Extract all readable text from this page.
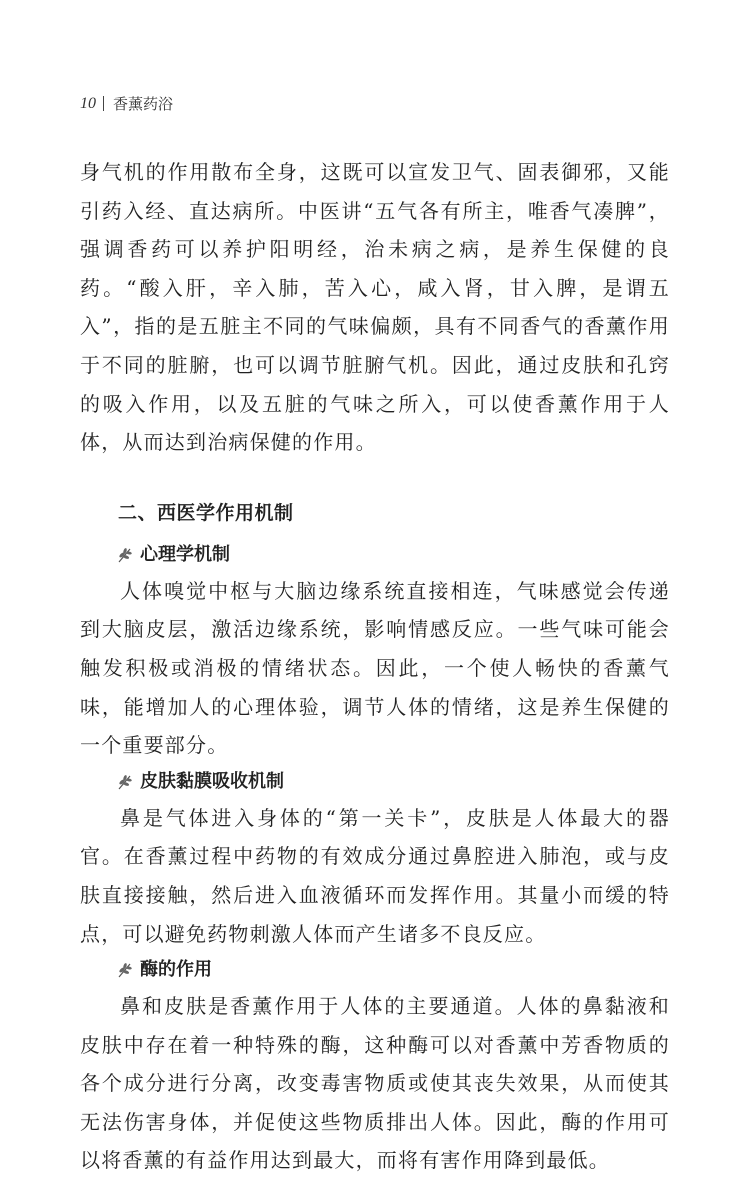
10 香薰药浴

身气机的作用散布全身，这既可以宣发卫气、固表御邪，又能引药入经、直达病所。中医讲“五气各有所主，唯香气凑脾”，强调香药可以养护阳明经，治未病之病，是养生保健的良药。“酸入肝，辛入肺，苦入心，咸入肾，甘入脾，是谓五入”，指的是五脏主不同的气味偏颇，具有不同香气的香薰作用于不同的脏腑，也可以调节脏腑气机。因此，通过皮肤和孔窍的吸入作用，以及五脏的气味之所入，可以使香薰作用于人体，从而达到治病保健的作用。

二、西医学作用机制
心理学机制

人体嗅觉中枢与大脑边缘系统直接相连，气味感觉会传递到大脑皮层，激活边缘系统，影响情感反应。一些气味可能会触发积极或消极的情绪状态。因此，一个使人畅快的香薰气味，能增加人的心理体验，调节人体的情绪，这是养生保健的一个重要部分。

皮肤黏膜吸收机制

鼻是气体进入身体的“第一关卡”，皮肤是人体最大的器官。在香薰过程中药物的有效成分通过鼻腔进入肺泡，或与皮肤直接接触，然后进入血液循环而发挥作用。其量小而缓的特点，可以避免药物刺激人体而产生诸多不良反应。

酶的作用

鼻和皮肤是香薰作用于人体的主要通道。人体的鼻黏液和皮肤中存在着一种特殊的酶，这种酶可以对香薰中芳香物质的各个成分进行分离，改变毒害物质或使其丧失效果，从而使其无法伤害身体，并促使这些物质排出人体。因此，酶的作用可以将香薰的有益作用达到最大，而将有害作用降到最低。
